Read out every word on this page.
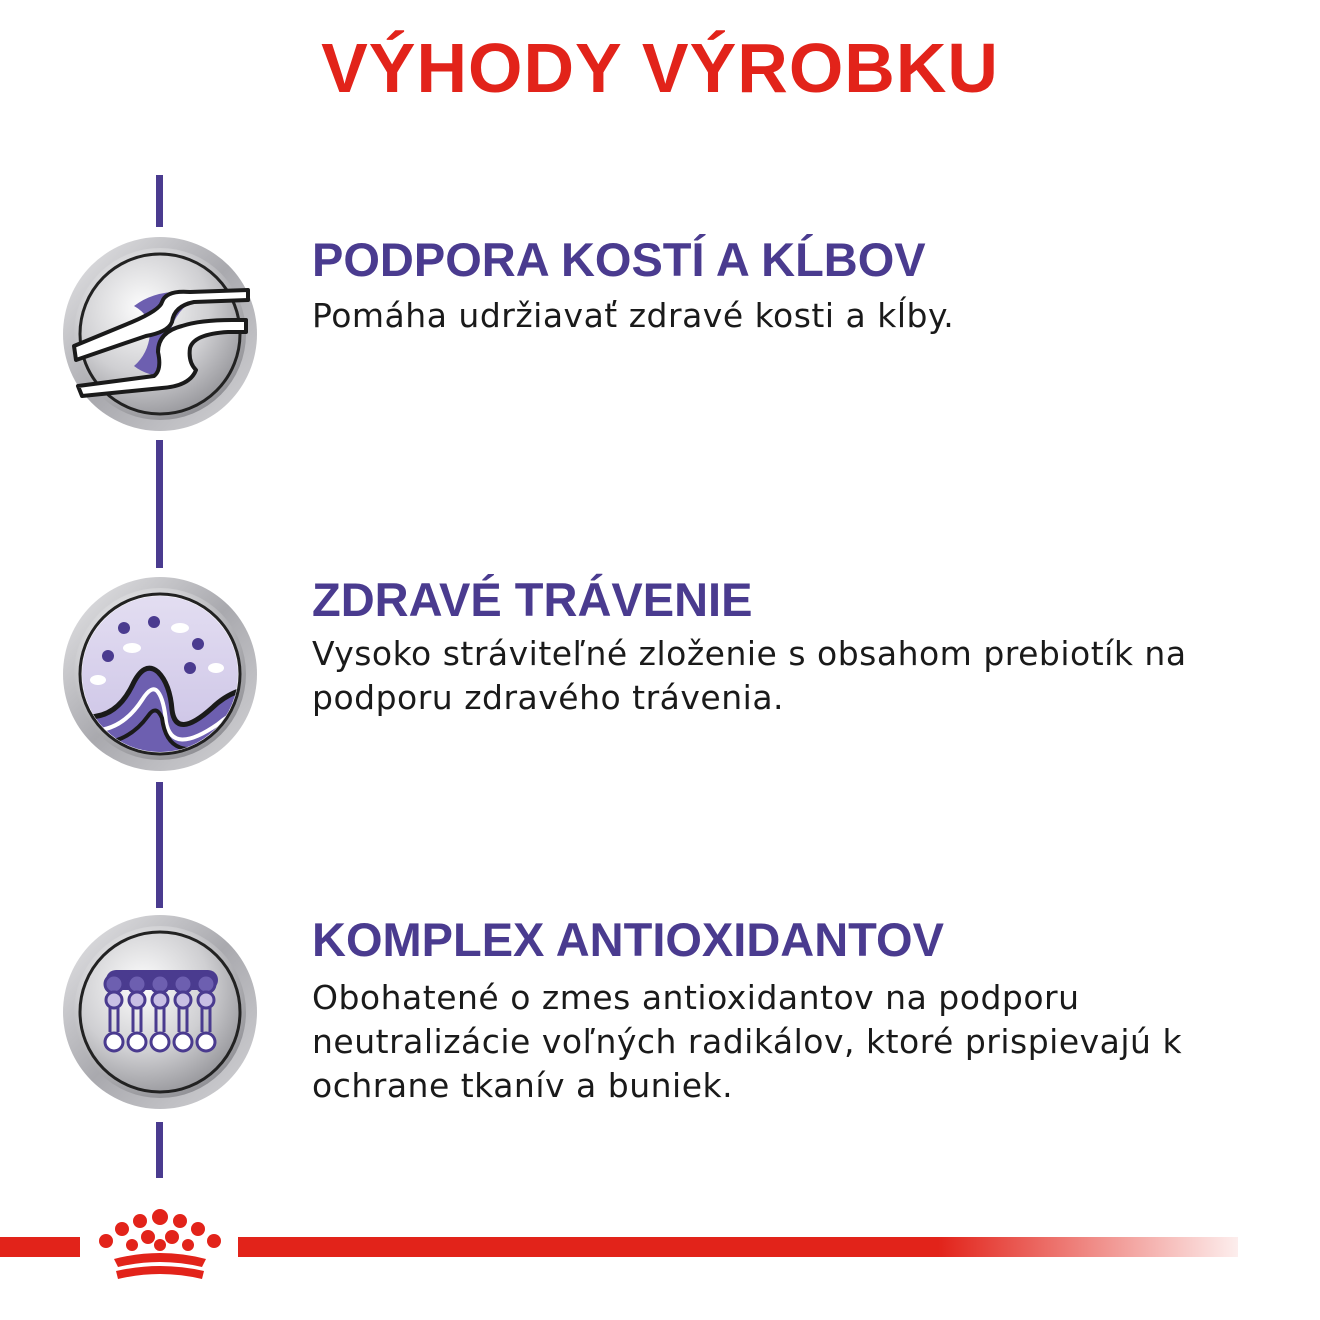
VÝHODY VÝROBKU
PODPORA KOSTÍ A KĹBOV
Pomáha udržiavať zdravé kosti a kĺby.
ZDRAVÉ TRÁVENIE
Vysoko stráviteľné zloženie s obsahom prebiotík na podporu zdravého trávenia.
KOMPLEX ANTIOXIDANTOV
Obohatené o zmes antioxidantov na podporu neutralizácie voľných radikálov, ktoré prispievajú k ochrane tkanív a buniek.
